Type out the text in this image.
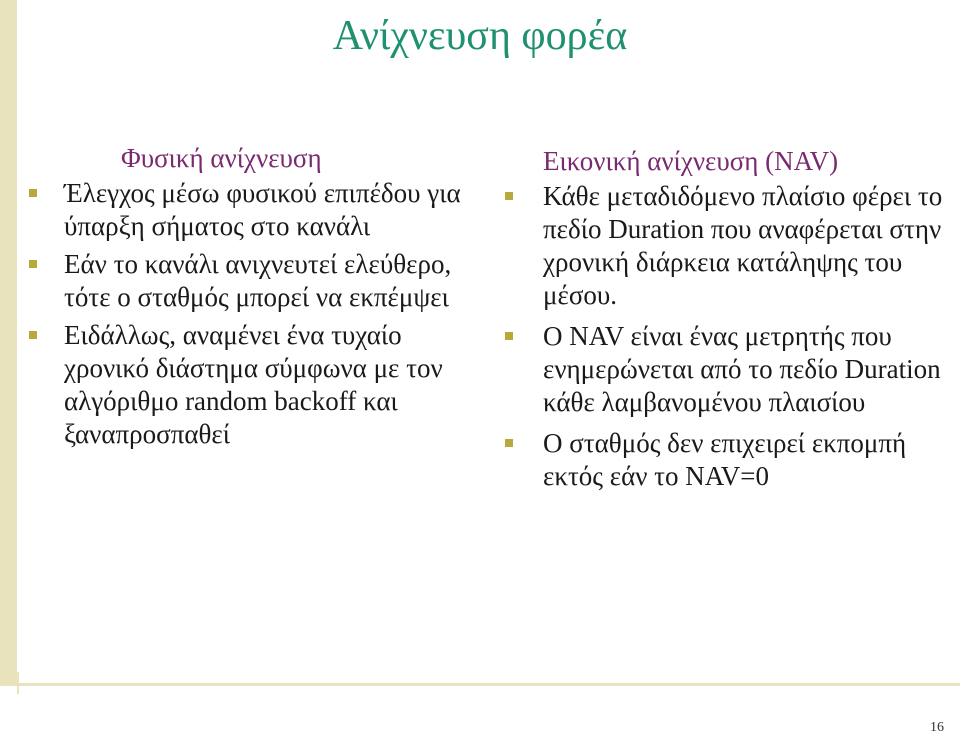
Ανίχνευση φορέα
Φυσική ανίχνευση
Έλεγχος μέσω φυσικού επιπέδου για ύπαρξη σήματος στο κανάλι
Εάν το κανάλι ανιχνευτεί ελεύθερο, τότε ο σταθμός μπορεί να εκπέμψει
Ειδάλλως, αναμένει ένα τυχαίο χρονικό διάστημα σύμφωνα με τον αλγόριθμο random backoff και ξαναπροσπαθεί
Εικονική ανίχνευση (NAV)
Κάθε μεταδιδόμενο πλαίσιο φέρει το πεδίο Duration που αναφέρεται στην χρονική διάρκεια κατάληψης του μέσου.
Ο NAV είναι ένας μετρητής που ενημερώνεται από το πεδίο Duration κάθε λαμβανομένου πλαισίου
Ο σταθμός δεν επιχειρεί εκπομπή εκτός εάν το NAV=0
16
